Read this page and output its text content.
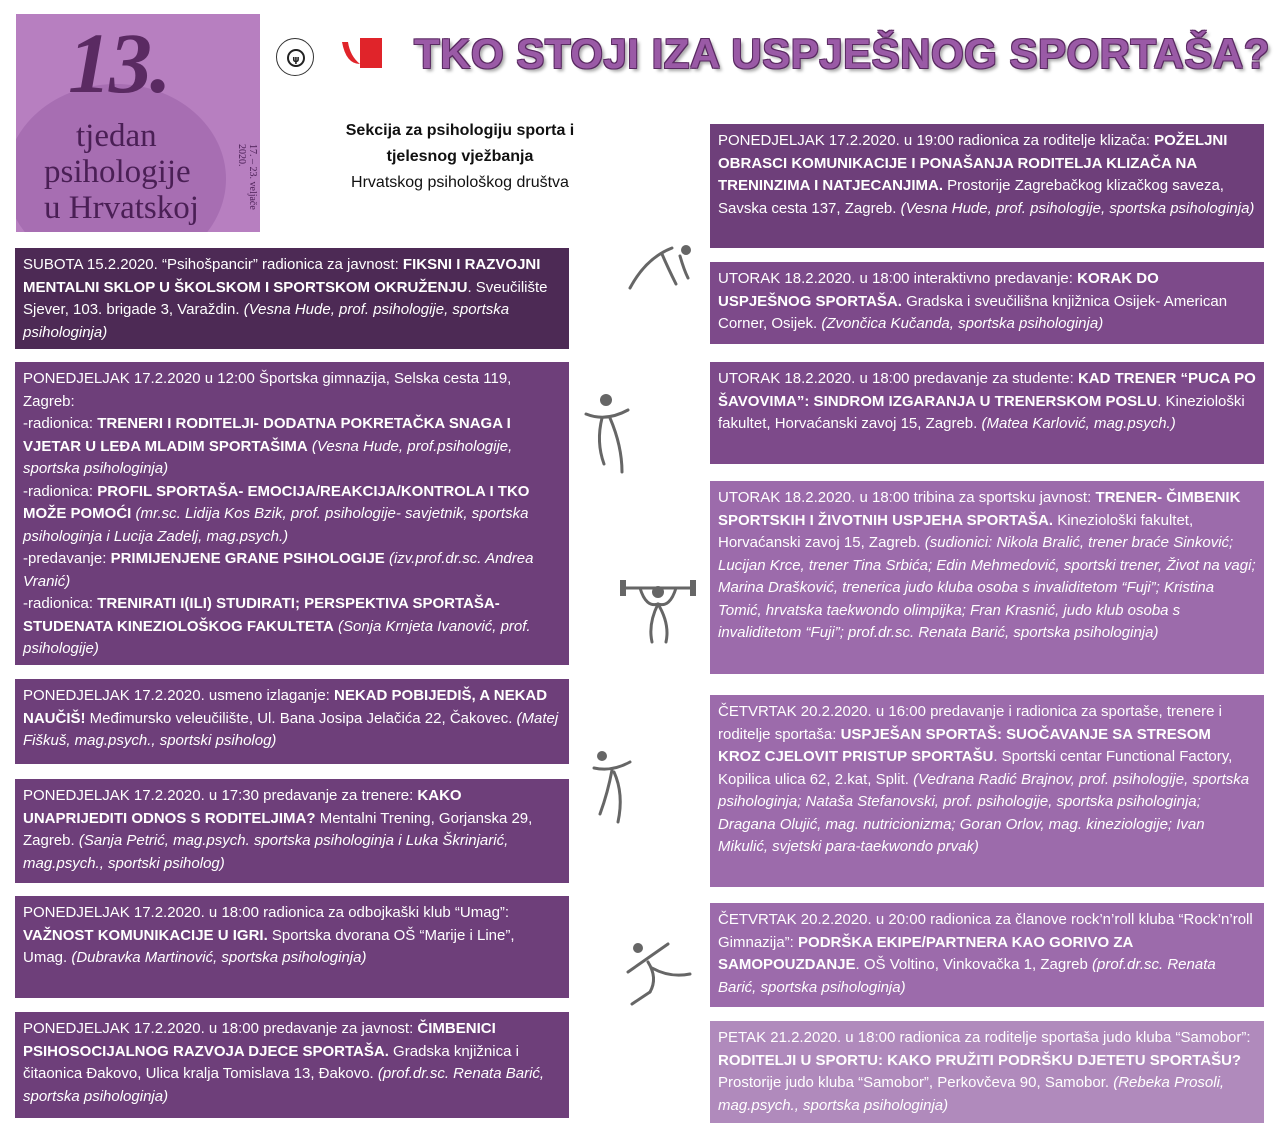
13.
tjedan
psihologije
u Hrvatskoj	17. – 23. veljače 2020.
ψ	TKO STOJI IZA USPJEŠNOG SPORTAŠA?
Sekcija za psihologiju sporta i
tjelesnog vježbanja
Hrvatskog psihološkog društva
SUBOTA 15.2.2020. “Psihošpancir” radionica za javnost: FIKSNI I RAZVOJNI MENTALNI SKLOP U ŠKOLSKOM I SPORTSKOM OKRUŽENJU. Sveučilište Sjever, 103. brigade 3, Varaždin. (Vesna Hude, prof. psihologije, sportska psihologinja)
PONEDJELJAK 17.2.2020 u 12:00 Športska gimnazija, Selska cesta 119, Zagreb:
-radionica: TRENERI I RODITELJI- DODATNA POKRETAČKA SNAGA I VJETAR U LEĐA MLADIM SPORTAŠIMA (Vesna Hude, prof.psihologije, sportska psihologinja)
-radionica: PROFIL SPORTAŠA- EMOCIJA/REAKCIJA/KONTROLA I TKO MOŽE POMOĆI (mr.sc. Lidija Kos Bzik, prof. psihologije- savjetnik, sportska psihologinja i Lucija Zadelj, mag.psych.)
-predavanje: PRIMIJENJENE GRANE PSIHOLOGIJE (izv.prof.dr.sc. Andrea Vranić)
-radionica: TRENIRATI I(ILI) STUDIRATI; PERSPEKTIVA SPORTAŠA- STUDENATA KINEZIOLOŠKOG FAKULTETA (Sonja Krnjeta Ivanović, prof. psihologije)
PONEDJELJAK 17.2.2020. usmeno izlaganje: NEKAD POBIJEDIŠ, A NEKAD NAUČIŠ! Međimursko veleučilište, Ul. Bana Josipa Jelačića 22, Čakovec. (Matej Fiškuš, mag.psych., sportski psiholog)
PONEDJELJAK 17.2.2020. u 17:30 predavanje za trenere: KAKO UNAPRIJEDITI ODNOS S RODITELJIMA? Mentalni Trening, Gorjanska 29, Zagreb. (Sanja Petrić, mag.psych. sportska psihologinja i Luka Škrinjarić, mag.psych., sportski psiholog)
PONEDJELJAK 17.2.2020. u 18:00 radionica za odbojkaški klub “Umag”: VAŽNOST KOMUNIKACIJE U IGRI. Sportska dvorana OŠ “Marije i Line”, Umag. (Dubravka Martinović, sportska psihologinja)
PONEDJELJAK 17.2.2020. u 18:00 predavanje za javnost: ČIMBENICI PSIHOSOCIJALNOG RAZVOJA DJECE SPORTAŠA. Gradska knjižnica i čitaonica Đakovo, Ulica kralja Tomislava 13, Đakovo. (prof.dr.sc. Renata Barić, sportska psihologinja)
PONEDJELJAK 17.2.2020. u 19:00 radionica za roditelje klizača: POŽELJNI OBRASCI KOMUNIKACIJE I PONAŠANJA RODITELJA KLIZAČA NA TRENINZIMA I NATJECANJIMA. Prostorije Zagrebačkog klizačkog saveza, Savska cesta 137, Zagreb. (Vesna Hude, prof. psihologije, sportska psihologinja)
UTORAK 18.2.2020. u 18:00 interaktivno predavanje: KORAK DO USPJEŠNOG SPORTAŠA. Gradska i sveučilišna knjižnica Osijek- American Corner, Osijek. (Zvončica Kučanda, sportska psihologinja)
UTORAK 18.2.2020. u 18:00 predavanje za studente: KAD TRENER “PUCA PO ŠAVOVIMA”: SINDROM IZGARANJA U TRENERSKOM POSLU. Kineziološki fakultet, Horvaćanski zavoj 15, Zagreb. (Matea Karlović, mag.psych.)
UTORAK 18.2.2020. u 18:00 tribina za sportsku javnost: TRENER- ČIMBENIK SPORTSKIH I ŽIVOTNIH USPJEHA SPORTAŠA. Kineziološki fakultet, Horvaćanski zavoj 15, Zagreb. (sudionici: Nikola Bralić, trener braće Sinković; Lucijan Krce, trener Tina Srbića; Edin Mehmedović, sportski trener, Život na vagi; Marina Drašković, trenerica judo kluba osoba s invaliditetom “Fuji”; Kristina Tomić, hrvatska taekwondo olimpijka; Fran Krasnić, judo klub osoba s invaliditetom “Fuji”; prof.dr.sc. Renata Barić, sportska psihologinja)
ČETVRTAK 20.2.2020. u 16:00 predavanje i radionica za sportaše, trenere i roditelje sportaša: USPJEŠAN SPORTAŠ: SUOČAVANJE SA STRESOM KROZ CJELOVIT PRISTUP SPORTAŠU. Sportski centar Functional Factory, Kopilica ulica 62, 2.kat, Split. (Vedrana Radić Brajnov, prof. psihologije, sportska psihologinja; Nataša Stefanovski, prof. psihologije, sportska psihologinja; Dragana Olujić, mag. nutricionizma; Goran Orlov, mag. kineziologije; Ivan Mikulić, svjetski para-taekwondo prvak)
ČETVRTAK 20.2.2020. u 20:00 radionica za članove rock’n’roll kluba “Rock’n’roll Gimnazija”: PODRŠKA EKIPE/PARTNERA KAO GORIVO ZA SAMOPOUZDANJE. OŠ Voltino, Vinkovačka 1, Zagreb (prof.dr.sc. Renata Barić, sportska psihologinja)
PETAK 21.2.2020. u 18:00 radionica za roditelje sportaša judo kluba “Samobor”: RODITELJI U SPORTU: KAKO PRUŽITI PODRŠKU DJETETU SPORTAŠU? Prostorije judo kluba “Samobor”, Perkovčeva 90, Samobor. (Rebeka Prosoli, mag.psych., sportska psihologinja)
